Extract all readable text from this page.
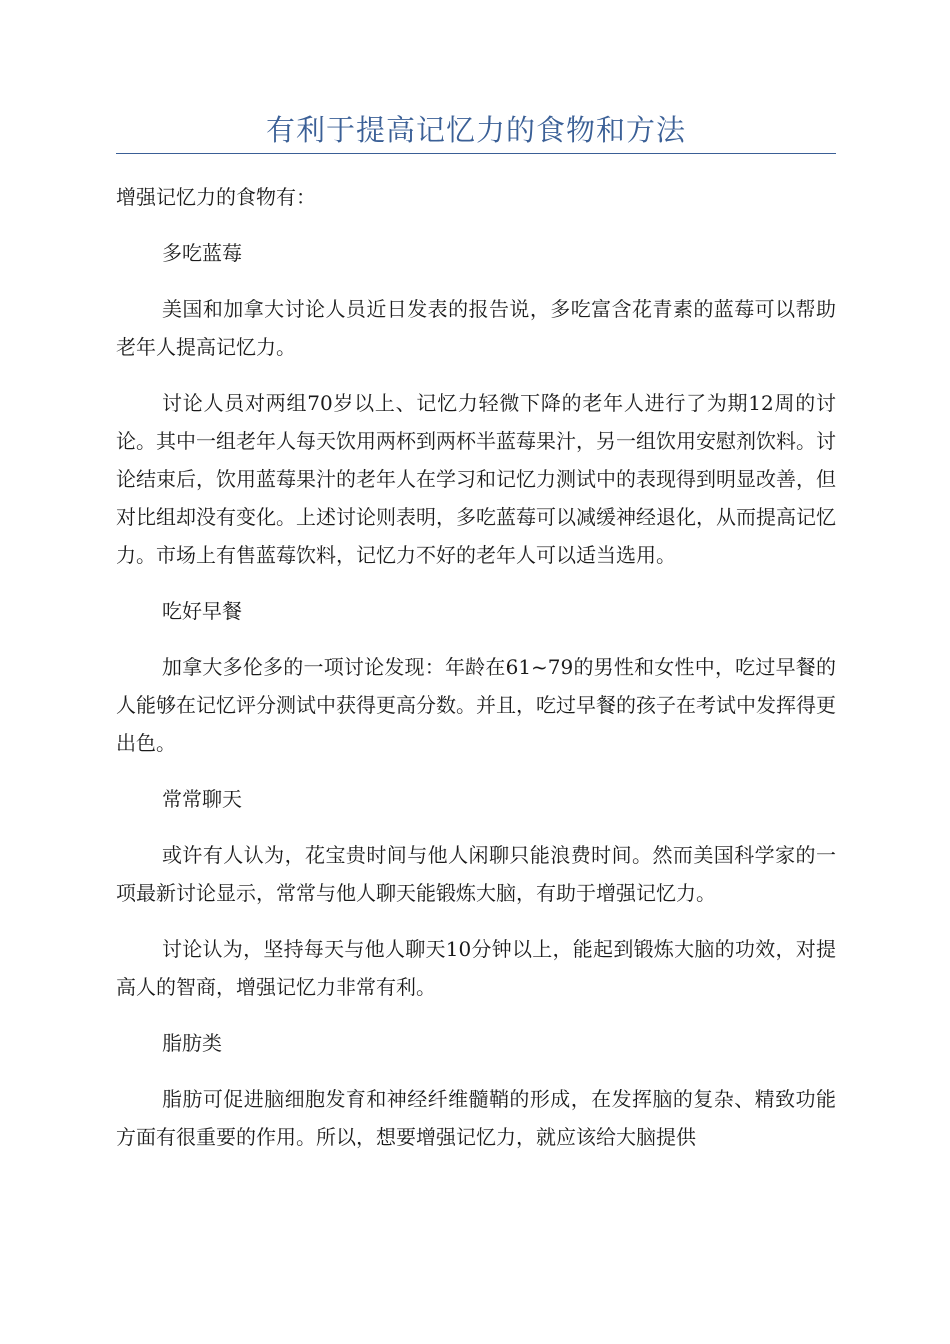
有利于提高记忆力的食物和方法

增强记忆力的食物有：

多吃蓝莓

美国和加拿大讨论人员近日发表的报告说，多吃富含花青素的蓝莓可以帮助老年人提高记忆力。

讨论人员对两组70岁以上、记忆力轻微下降的老年人进行了为期12周的讨论。其中一组老年人每天饮用两杯到两杯半蓝莓果汁，另一组饮用安慰剂饮料。讨论结束后，饮用蓝莓果汁的老年人在学习和记忆力测试中的表现得到明显改善，但对比组却没有变化。上述讨论则表明，多吃蓝莓可以减缓神经退化，从而提高记忆力。市场上有售蓝莓饮料，记忆力不好的老年人可以适当选用。

吃好早餐

加拿大多伦多的一项讨论发现：年龄在61~79的男性和女性中，吃过早餐的人能够在记忆评分测试中获得更高分数。并且，吃过早餐的孩子在考试中发挥得更出色。

常常聊天

或许有人认为，花宝贵时间与他人闲聊只能浪费时间。然而美国科学家的一项最新讨论显示，常常与他人聊天能锻炼大脑，有助于增强记忆力。

讨论认为，坚持每天与他人聊天10分钟以上，能起到锻炼大脑的功效，对提高人的智商，增强记忆力非常有利。

脂肪类

脂肪可促进脑细胞发育和神经纤维髓鞘的形成，在发挥脑的复杂、精致功能方面有很重要的作用。所以，想要增强记忆力，就应该给大脑提供
